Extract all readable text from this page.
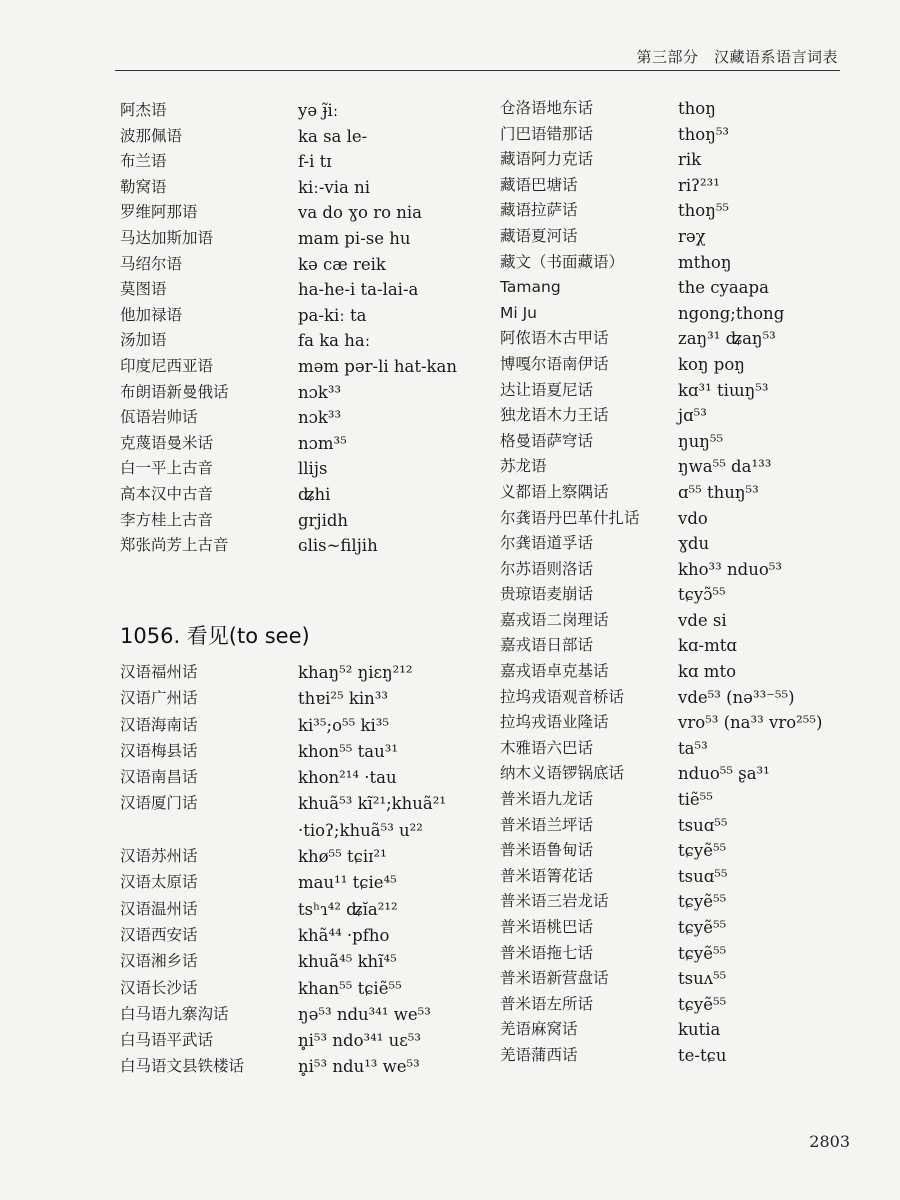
第三部分　汉藏语系语言词表
阿杰语	yə ɟ̃iː
波那佩语	ka sa le-
布兰语	f-i tɪ
勒窝语	kiː-via ni
罗维阿那语	va do ɣo ro nia
马达加斯加语	mam pi-se hu
马绍尔语	kə cæ reik
莫图语	ha-he-i ta-lai-a
他加禄语	pa-kiː ta
汤加语	fa ka haː
印度尼西亚语	məm pər-li hat-kan
布朗语新曼俄话	nɔk³³
佤语岩帅话	nɔk³³
克蔑语曼米话	nɔm³⁵
白一平上古音	llijs
高本汉中古音	ʥhi
李方桂上古音	grjidh
郑张尚芳上古音	ɢlis~filjih
1056. 看见(to see)
汉语福州话	khaŋ⁵² ŋiɛŋ²¹²
汉语广州话	thɐi²⁵ kin³³
汉语海南话	ki³⁵;o⁵⁵ ki³⁵
汉语梅县话	khon⁵⁵ tau³¹
汉语南昌话	khon²¹⁴ ·tau
汉语厦门话	khuã⁵³ kĩ²¹;khuã²¹
·tioʔ;khuã⁵³ u²²
汉语苏州话	khø⁵⁵ tɕiɪ²¹
汉语太原话	mau¹¹ tɕie⁴⁵
汉语温州话	tsʰɿ⁴² ʥĭa²¹²
汉语西安话	khã⁴⁴ ·pfho
汉语湘乡话	khuã⁴⁵ khĩ⁴⁵
汉语长沙话	khan⁵⁵ tɕiẽ⁵⁵
白马语九寨沟话	ŋə⁵³ ndu³⁴¹ we⁵³
白马语平武话	n̥i⁵³ ndo³⁴¹ uɛ⁵³
白马语文县铁楼话	n̥i⁵³ ndu¹³ we⁵³
仓洛语地东话	thoŋ
门巴语错那话	thoŋ⁵³
藏语阿力克话	rik
藏语巴塘话	riʔ²³¹
藏语拉萨话	thoŋ⁵⁵
藏语夏河话	rəχ
藏文（书面藏语）	mthoŋ
Tamang	the cyaapa
Mi Ju	ngong;thong
阿侬语木古甲话	zaŋ³¹ ʥaŋ⁵³
博嘎尔语南伊话	koŋ poŋ
达让语夏尼话	kɑ³¹ tiɯŋ⁵³
独龙语木力王话	jɑ⁵³
格曼语萨穹话	ŋuŋ⁵⁵
苏龙语	ŋwa⁵⁵ da¹³³
义都语上察隅话	ɑ⁵⁵ thuŋ⁵³
尔龚语丹巴革什扎话	vdo
尔龚语道孚话	ɣdu
尔苏语则洛话	kho³³ nduo⁵³
贵琼语麦崩话	tɕyɔ̃⁵⁵
嘉戎语二岗理话	vde si
嘉戎语日部话	kɑ-mtɑ
嘉戎语卓克基话	kɑ mto
拉坞戎语观音桥话	vde⁵³ (nə³³⁻⁵⁵)
拉坞戎语业隆话	vro⁵³ (na³³ vro²⁵⁵)
木雅语六巴话	ta⁵³
纳木义语锣锅底话	nduo⁵⁵ ʂa³¹
普米语九龙话	tiẽ⁵⁵
普米语兰坪话	tsuɑ⁵⁵
普米语鲁甸话	tɕyẽ⁵⁵
普米语箐花话	tsuɑ⁵⁵
普米语三岩龙话	tɕyẽ⁵⁵
普米语桃巴话	tɕyẽ⁵⁵
普米语拖七话	tɕyẽ⁵⁵
普米语新营盘话	tsuʌ⁵⁵
普米语左所话	tɕyẽ⁵⁵
羌语麻窝话	kutia
羌语蒲西话	te-tɕu
2803
